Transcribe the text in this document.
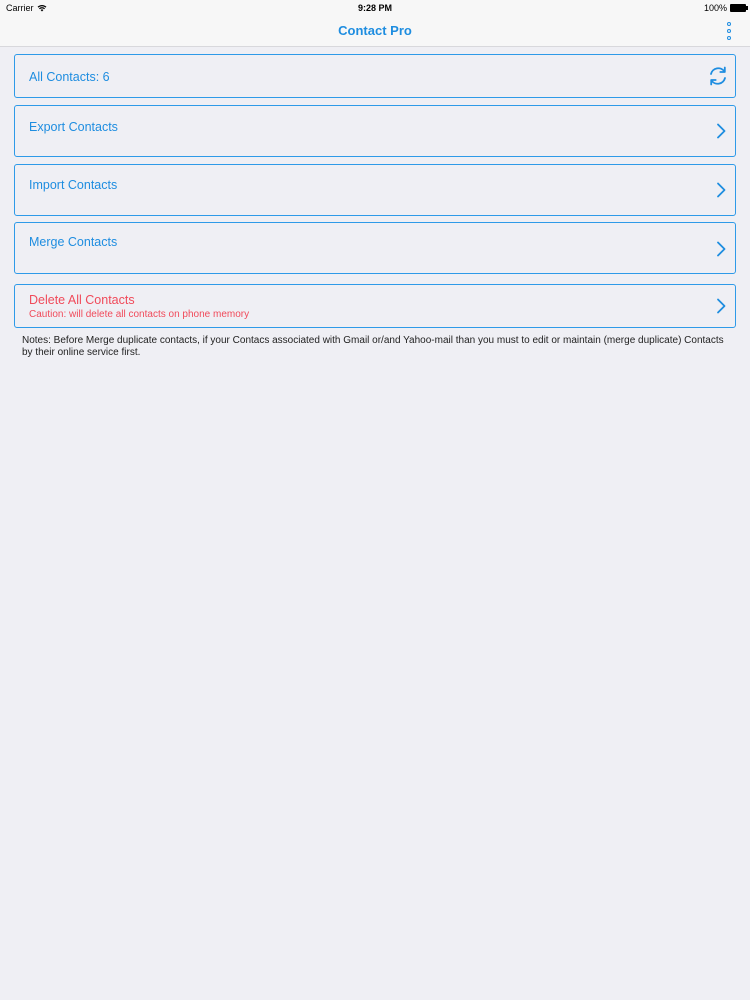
Carrier	9:28 PM	100%
Contact Pro
All Contacts: 6
Export Contacts
Import Contacts
Merge Contacts
Delete All Contacts
Caution: will delete all contacts on phone memory
Notes: Before Merge duplicate contacts, if your Contacs associated with Gmail or/and Yahoo-mail than you must to edit or maintain (merge duplicate) Contacts by their online service first.
